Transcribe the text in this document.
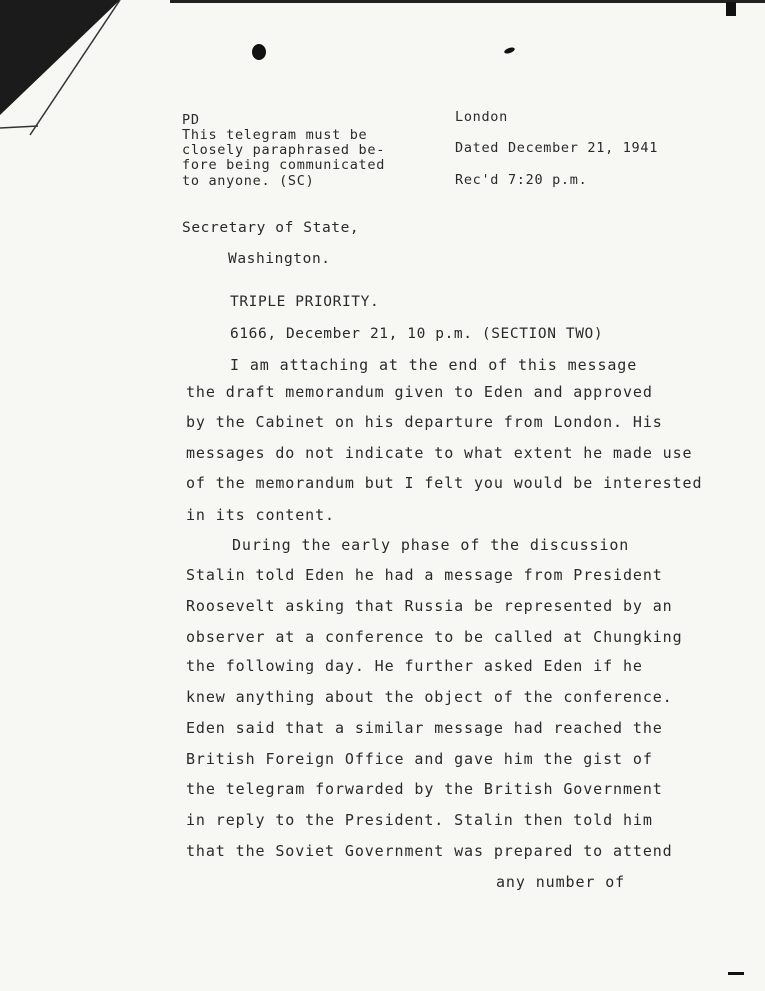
PD
This telegram must be
closely paraphrased be-
fore being communicated
to anyone. (SC)
London
Dated December 21, 1941
Rec'd 7:20 p.m.
Secretary of State,
Washington.
TRIPLE PRIORITY.
6166, December 21, 10 p.m. (SECTION TWO)
I am attaching at the end of this message
the draft memorandum given to Eden and approved
by the Cabinet on his departure from London. His
messages do not indicate to what extent he made use
of the memorandum but I felt you would be interested
in its content.
During the early phase of the discussion
Stalin told Eden he had a message from President
Roosevelt asking that Russia be represented by an
observer at a conference to be called at Chungking
the following day. He further asked Eden if he
knew anything about the object of the conference.
Eden said that a similar message had reached the
British Foreign Office and gave him the gist of
the telegram forwarded by the British Government
in reply to the President. Stalin then told him
that the Soviet Government was prepared to attend
any number of
